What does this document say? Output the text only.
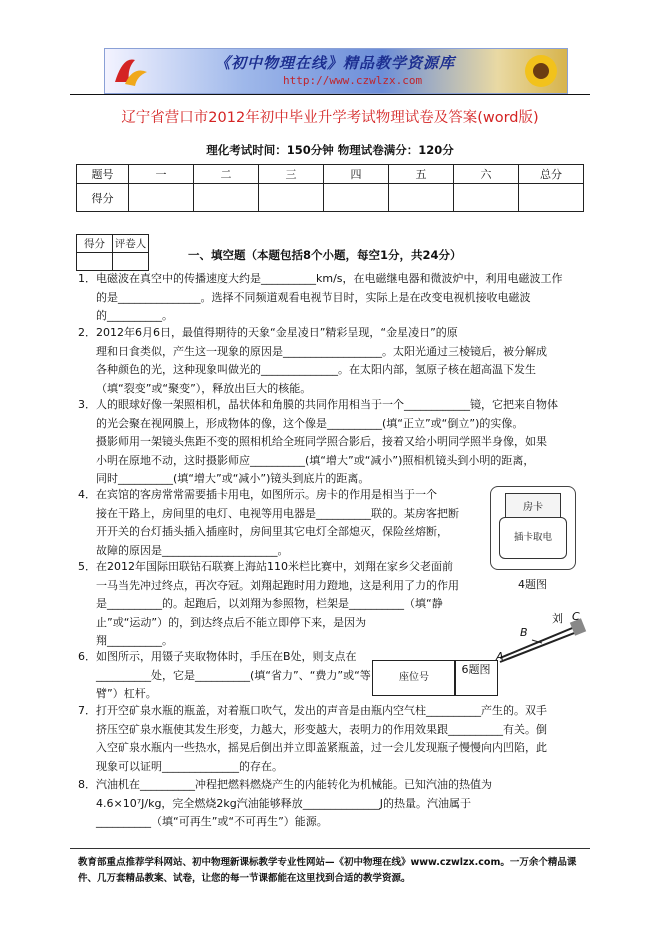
《初中物理在线》精品教学资源库
http://www.czwlzx.com
辽宁省营口市2012年初中毕业升学考试物理试卷及答案(word版)
理化考试时间：150分钟 物理试卷满分：120分
题号	一	二	三	四	五	六	总分
得分							
得分	评卷人

一、填空题（本题包括8个小题，每空1分，共24分）
1．电磁波在真空中的传播速度大约是__________km/s，在电磁继电器和微波炉中，利用电磁波工作
的是_______________。选择不同频道观看电视节目时，实际上是在改变电视机接收电磁波
的__________。
2．2012年6月6日，最值得期待的天象“金星凌日”精彩呈现，“金星凌日”的原
理和日食类似，产生这一现象的原因是__________________。太阳光通过三棱镜后，被分解成
各种颜色的光，这种现象叫做光的______________。在太阳内部，氢原子核在超高温下发生
（填“裂变”或“聚变”），释放出巨大的核能。
3．人的眼球好像一架照相机，晶状体和角膜的共同作用相当于一个____________镜，它把来自物体
的光会聚在视网膜上，形成物体的像，这个像是__________(填“正立”或“倒立”)的实像。
摄影师用一架镜头焦距不变的照相机给全班同学照合影后，接着又给小明同学照半身像，如果
小明在原地不动，这时摄影师应__________(填“增大”或“减小”)照相机镜头到小明的距离，
同时__________(填“增大”或“减小”)镜头到底片的距离。
4．在宾馆的客房常常需要插卡用电，如图所示。房卡的作用是相当于一个
接在干路上，房间里的电灯、电视等用电器是__________联的。某房客把断
开开关的台灯插头插入插座时，房间里其它电灯全部熄灭，保险丝熔断，
故障的原因是_____________________。
房卡
插卡取电
4题图
5．在2012年国际田联钻石联赛上海站110米栏比赛中，刘翔在家乡父老面前
一马当先冲过终点，再次夺冠。刘翔起跑时用力蹬地，这是利用了力的作用
是__________的。起跑后，以刘翔为参照物，栏架是__________（填“静
止”或“运动”）的，到达终点后不能立即停下来，是因为
翔__________。
刘 C
B
A
座位号
6题图
6．如图所示，用镊子夹取物体时，手压在B处，则支点在
__________处，它是__________(填“省力”、“费力”或“等
臂”）杠杆。
7．打开空矿泉水瓶的瓶盖，对着瓶口吹气，发出的声音是由瓶内空气柱__________产生的。双手
挤压空矿泉水瓶使其发生形变，力越大，形变越大，表明力的作用效果跟__________有关。倒
入空矿泉水瓶内一些热水，摇晃后倒出并立即盖紧瓶盖，过一会儿发现瓶子慢慢向内凹陷，此
现象可以证明______________的存在。
8．汽油机在__________冲程把燃料燃烧产生的内能转化为机械能。已知汽油的热值为
4.6×10⁷J/kg，完全燃烧2kg汽油能够释放______________J的热量。汽油属于
__________（填“可再生”或“不可再生”）能源。
教育部重点推荐学科网站、初中物理新课标教学专业性网站—《初中物理在线》www.czwlzx.com。一万余个精品课件、几万套精品教案、试卷，让您的每一节课都能在这里找到合适的教学资源。
